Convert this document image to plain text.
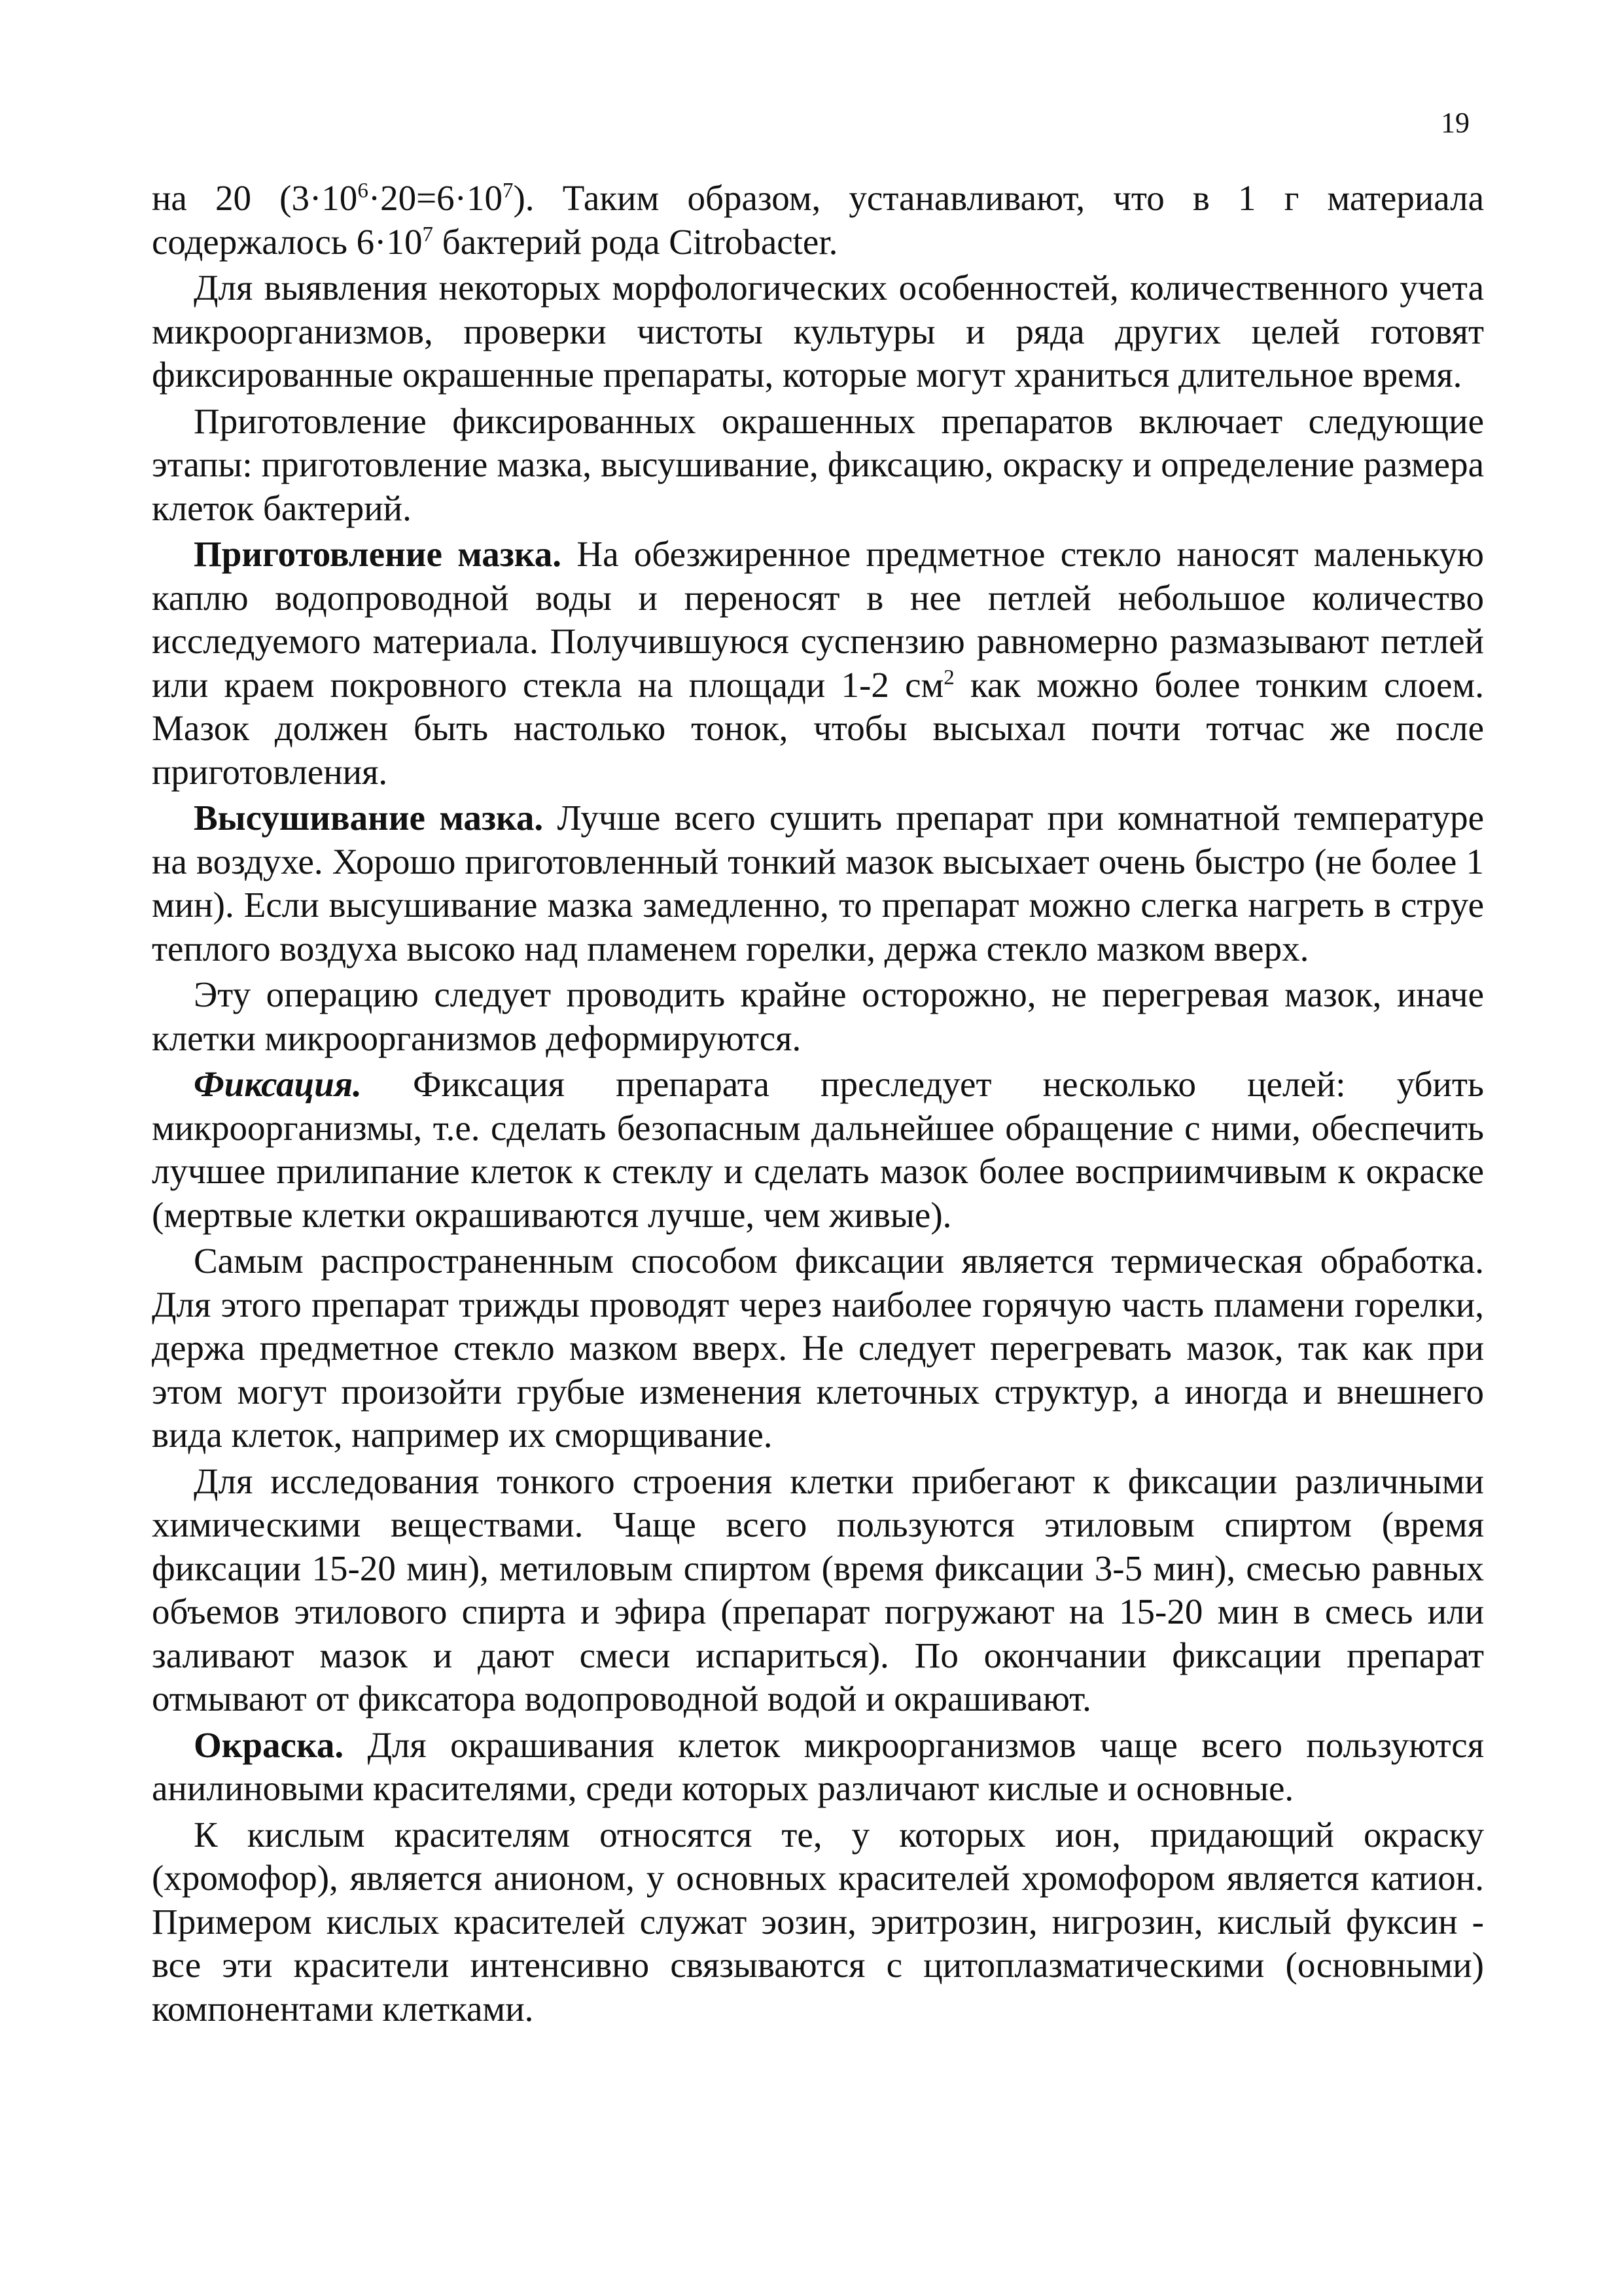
19

на 20 $(3\cdot 10^6\cdot 20=6\cdot 10^7)$. Таким образом, устанавливают, что в 1 г материала содержалось $6\cdot 10^7$ бактерий рода Citrobacter.

Для выявления некоторых морфологических особенностей, количественного учета микроорганизмов, проверки чистоты культуры и ряда других целей готовят фиксированные окрашенные препараты, которые могут храниться длительное время.

Приготовление фиксированных окрашенных препаратов включает следующие этапы: приготовление мазка, высушивание, фиксацию, окраску и определение размера клеток бактерий.

Приготовление мазка. На обезжиренное предметное стекло наносят маленькую каплю водопроводной воды и переносят в нее петлей небольшое количество исследуемого материала. Получившуюся суспензию равномерно размазывают петлей или краем покровного стекла на площади 1-2 $см^2$ как можно более тонким слоем. Мазок должен быть настолько тонок, чтобы высыхал почти тотчас же после приготовления.

Высушивание мазка. Лучше всего сушить препарат при комнатной температуре на воздухе. Хорошо приготовленный тонкий мазок высыхает очень быстро (не более 1 мин). Если высушивание мазка замедленно, то препарат можно слегка нагреть в струе теплого воздуха высоко над пламенем горелки, держа стекло мазком вверх.

Эту операцию следует проводить крайне осторожно, не перегревая мазок, иначе клетки микроорганизмов деформируются.

Фиксация. Фиксация препарата преследует несколько целей: убить микроорганизмы, т.е. сделать безопасным дальнейшее обращение с ними, обеспечить лучшее прилипание клеток к стеклу и сделать мазок более восприимчивым к окраске (мертвые клетки окрашиваются лучше, чем живые).

Самым распространенным способом фиксации является термическая обработка. Для этого препарат трижды проводят через наиболее горячую часть пламени горелки, держа предметное стекло мазком вверх. Не следует перегревать мазок, так как при этом могут произойти грубые изменения клеточных структур, а иногда и внешнего вида клеток, например их сморщивание.

Для исследования тонкого строения клетки прибегают к фиксации различными химическими веществами. Чаще всего пользуются этиловым спиртом (время фиксации 15-20 мин), метиловым спиртом (время фиксации 3-5 мин), смесью равных объемов этилового спирта и эфира (препарат погружают на 15-20 мин в смесь или заливают мазок и дают смеси испариться). По окончании фиксации препарат отмывают от фиксатора водопроводной водой и окрашивают.

Окраска. Для окрашивания клеток микроорганизмов чаще всего пользуются анилиновыми красителями, среди которых различают кислые и основные.

К кислым красителям относятся те, у которых ион, придающий окраску (хромофор), является анионом, у основных красителей хромофором является катион. Примером кислых красителей служат эозин, эритрозин, нигрозин, кислый фуксин - все эти красители интенсивно связываются с цитоплазматическими (основными) компонентами клетками.
